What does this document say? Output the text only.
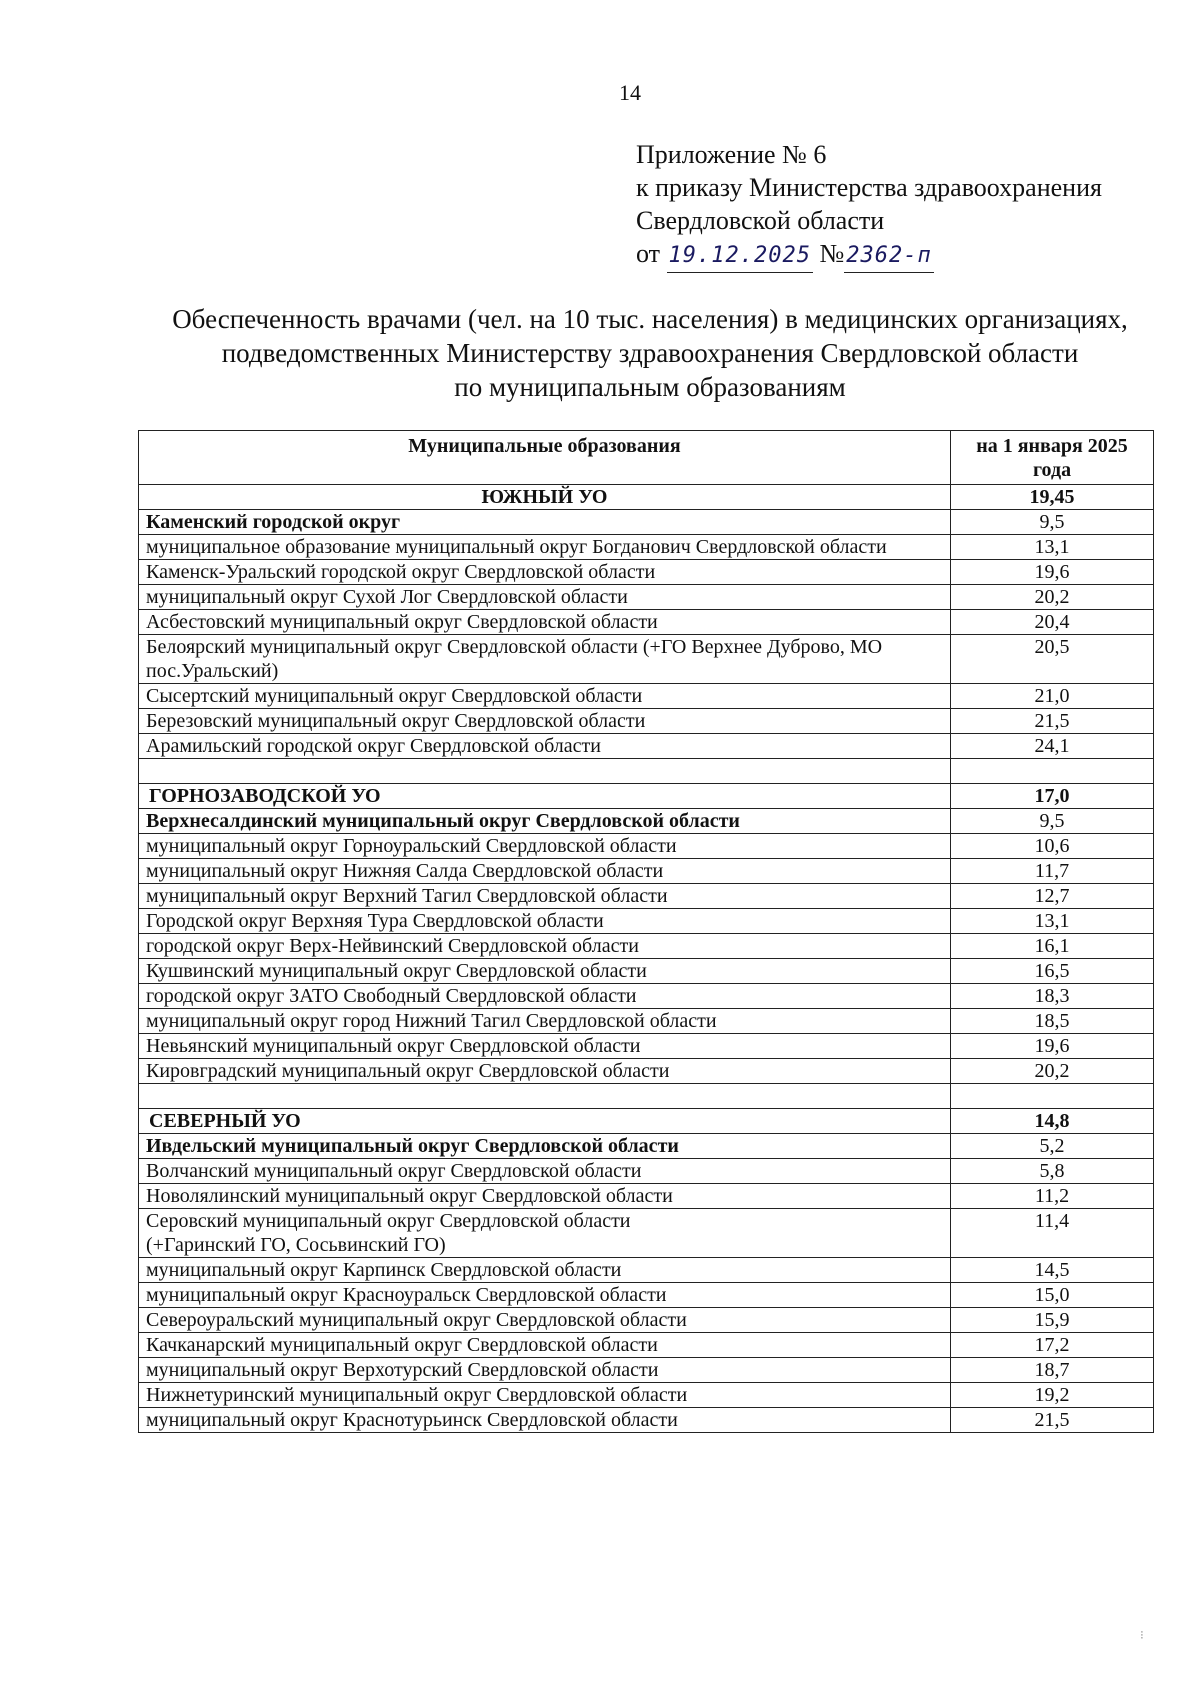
14
Приложение № 6
к приказу Министерства здравоохранения
Свердловской области
от 19.12.2025 №2362-п
Обеспеченность врачами (чел. на 10 тыс. населения) в медицинских организациях,
подведомственных Министерству здравоохранения Свердловской области
по муниципальным образованиям
Муниципальные образования	на 1 января 2025 года
ЮЖНЫЙ УО	19,45
Каменский городской округ	9,5
муниципальное образование муниципальный округ Богданович Свердловской области	13,1
Каменск-Уральский городской округ Свердловской области	19,6
муниципальный округ Сухой Лог Свердловской области	20,2
Асбестовский муниципальный округ Свердловской области	20,4
Белоярский муниципальный округ Свердловской области (+ГО Верхнее Дуброво, МО пос.Уральский)	20,5
Сысертский муниципальный округ Свердловской области	21,0
Березовский муниципальный округ Свердловской области	21,5
Арамильский городской округ Свердловской области	24,1

ГОРНОЗАВОДСКОЙ УО	17,0
Верхнесалдинский муниципальный округ Свердловской области	9,5
муниципальный округ Горноуральский Свердловской области	10,6
муниципальный округ Нижняя Салда Свердловской области	11,7
муниципальный округ Верхний Тагил Свердловской области	12,7
Городской округ Верхняя Тура Свердловской области	13,1
городской округ Верх-Нейвинский Свердловской области	16,1
Кушвинский муниципальный округ Свердловской области	16,5
городской округ ЗАТО Свободный Свердловской области	18,3
муниципальный округ город Нижний Тагил Свердловской области	18,5
Невьянский муниципальный округ Свердловской области	19,6
Кировградский муниципальный округ Свердловской области	20,2

СЕВЕРНЫЙ УО	14,8
Ивдельский муниципальный округ Свердловской области	5,2
Волчанский муниципальный округ Свердловской области	5,8
Новолялинский муниципальный округ Свердловской области	11,2
Серовский муниципальный округ Свердловской области
(+Гаринский ГО, Сосьвинский ГО)	11,4
муниципальный округ Карпинск Свердловской области	14,5
муниципальный округ Красноуральск Свердловской области	15,0
Североуральский муниципальный округ Свердловской области	15,9
Качканарский муниципальный округ Свердловской области	17,2
муниципальный округ Верхотурский Свердловской области	18,7
Нижнетуринский муниципальный округ Свердловской области	19,2
муниципальный округ Краснотурьинск Свердловской области	21,5
⁝
